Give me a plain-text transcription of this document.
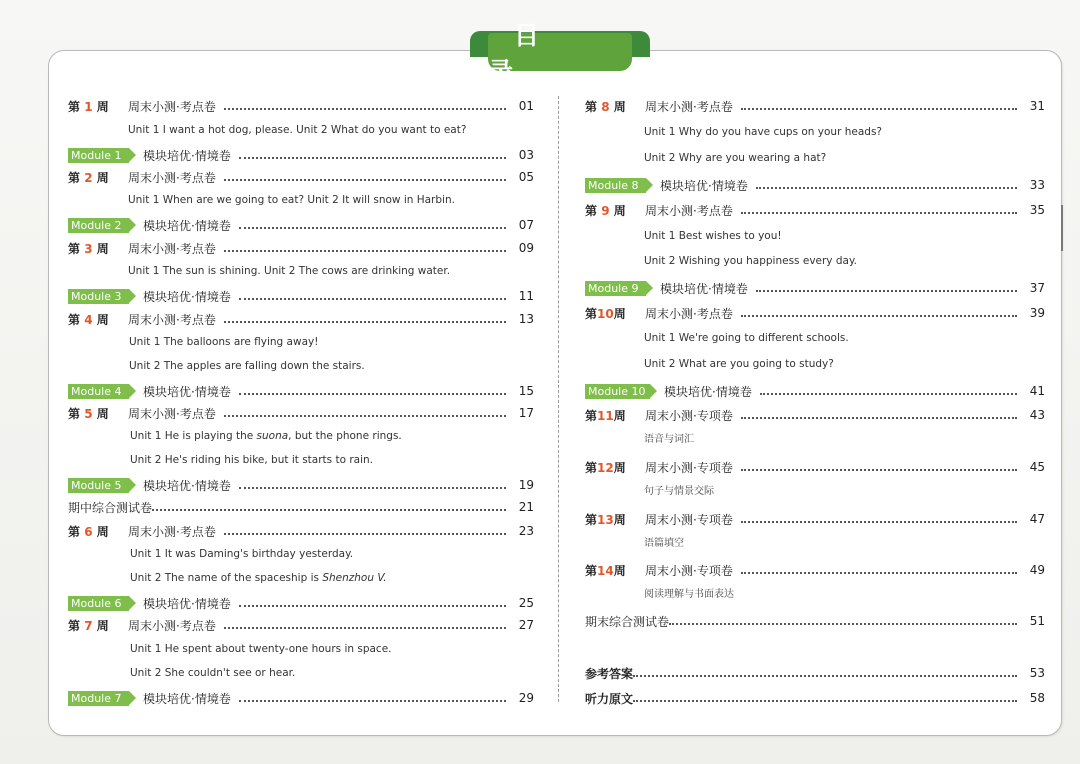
目
第 1 周	周末小测·考点卷	01
Unit 1 I want a hot dog, please. Unit 2 What do you want to eat?
Module 1	模块培优·情境卷	03
第 2 周	周末小测·考点卷	05
Unit 1 When are we going to eat? Unit 2 It will snow in Harbin.
Module 2	模块培优·情境卷	07
第 3 周	周末小测·考点卷	09
Unit 1 The sun is shining. Unit 2 The cows are drinking water.
Module 3	模块培优·情境卷	11
第 4 周	周末小测·考点卷	13
Unit 1 The balloons are flying away!
Unit 2 The apples are falling down the stairs.
Module 4	模块培优·情境卷	15
第 5 周	周末小测·考点卷	17
Unit 1 He is playing the suona, but the phone rings.
Unit 2 He's riding his bike, but it starts to rain.
Module 5	模块培优·情境卷	19
期中综合测试卷	21
第 6 周	周末小测·考点卷	23
Unit 1 It was Daming's birthday yesterday.
Unit 2 The name of the spaceship is Shenzhou V.
Module 6	模块培优·情境卷	25
第 7 周	周末小测·考点卷	27
Unit 1 He spent about twenty-one hours in space.
Unit 2 She couldn't see or hear.
Module 7	模块培优·情境卷	29
第 8 周	周末小测·考点卷	31
Unit 1 Why do you have cups on your heads?
Unit 2 Why are you wearing a hat?
Module 8	模块培优·情境卷	33
第 9 周	周末小测·考点卷	35
Unit 1 Best wishes to you!
Unit 2 Wishing you happiness every day.
Module 9	模块培优·情境卷	37
第10周	周末小测·考点卷	39
Unit 1 We're going to different schools.
Unit 2 What are you going to study?
Module 10	模块培优·情境卷	41
第11周	周末小测·专项卷	43
语音与词汇
第12周	周末小测·专项卷	45
句子与情景交际
第13周	周末小测·专项卷	47
语篇填空
第14周	周末小测·专项卷	49
阅读理解与书面表达
期末综合测试卷	51
参考答案	53
听力原文	58
